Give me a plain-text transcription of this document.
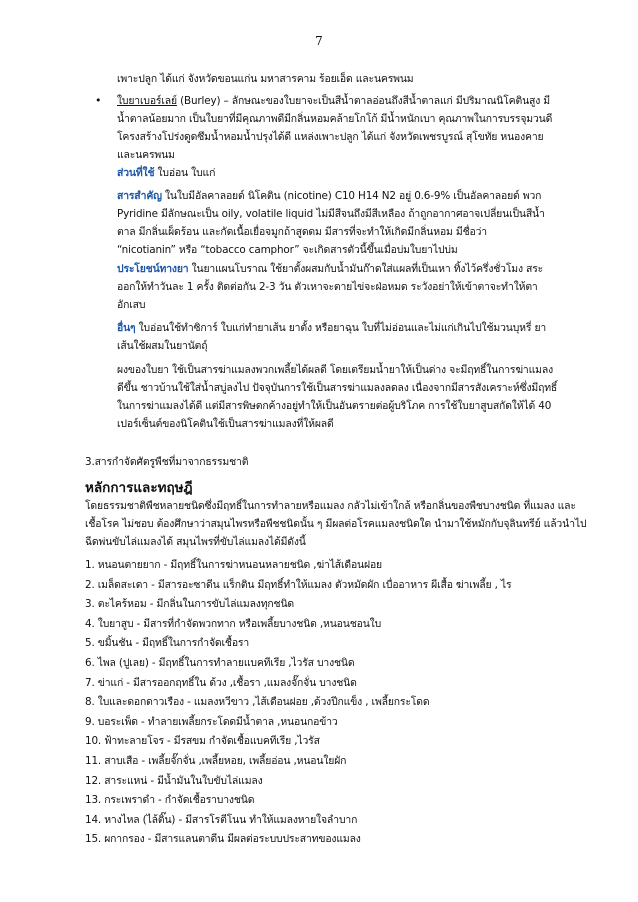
7
เพาะปลูก ได้แก่ จังหวัดขอนแก่น มหาสารคาม ร้อยเอ็ด และนครพนม
• ใบยาเบอร์เลย์ (Burley) – ลักษณะของใบยาจะเป็นสีน้ำตาลอ่อนถึงสีน้ำตาลแก่ มีปริมาณนิโคตินสูง มี
น้ำตาลน้อยมาก เป็นใบยาที่มีคุณภาพดีมีกลิ่นหอมคล้ายโกโก้ มีน้ำหนักเบา คุณภาพในการบรรจุมวนดี
โครงสร้างโปร่งดูดซึมน้ำหอมน้ำปรุงได้ดี แหล่งเพาะปลูก ได้แก่ จังหวัดเพชรบูรณ์ สุโขทัย หนองคาย
และนครพนม
ส่วนที่ใช้ ใบอ่อน ใบแก่
สารสำคัญ ในใบมีอัลคาลอยด์ นิโคติน (nicotine) C10 H14 N2 อยู่ 0.6-9% เป็นอัลคาลอยด์ พวก
Pyridine มีลักษณะเป็น oily, volatile liquid ไม่มีสีจนถึงมีสีเหลือง ถ้าถูกอากาศอาจเปลี่ยนเป็นสีน้ำ
ตาล มีกลิ่นเผ็ดร้อน และกัดเนื้อเยื่อจมูกถ้าสูดดม มีสารที่จะทำให้เกิดมีกลิ่นหอม มีชื่อว่า
“nicotianin” หรือ “tobacco camphor” จะเกิดสารตัวนี้ขึ้นเมื่อบ่มใบยาไปบ่ม
ประโยชน์ทางยา ในยาแผนโบราณ ใช้ยาตั้งผสมกับน้ำมันก๊าดใส่แผลที่เป็นเหา ทิ้งไว้ครึ่งชั่วโมง สระ
ออกให้ทำวันละ 1 ครั้ง ติดต่อกัน 2-3 วัน ตัวเหาจะตายไข่จะฝ่อหมด ระวังอย่าให้เข้าตาจะทำให้ตา
อักเสบ
อื่นๆ ใบอ่อนใช้ทำซิการ์ ใบแก่ทำยาเส้น ยาตั้ง หรือยาฉุน ใบที่ไม่อ่อนและไม่แก่เกินไปใช้มวนบุหรี่ ยา
เส้นใช้ผสมในยานัตถุ์
ผงของใบยา ใช้เป็นสารฆ่าแมลงพวกเพลี้ยได้ผลดี โดยเตรียมน้ำยาให้เป็นด่าง จะมีฤทธิ์ในการฆ่าแมลง
ดีขึ้น ชาวบ้านใช้ใส่น้ำสบู่ลงไป ปัจจุบันการใช้เป็นสารฆ่าแมลงลดลง เนื่องจากมีสารสังเคราะห์ซึ่งมีฤทธิ์
ในการฆ่าแมลงได้ดี แต่มีสารพิษตกค้างอยู่ทำให้เป็นอันตรายต่อผู้บริโภค การใช้ใบยาสูบสกัดให้ได้ 40
เปอร์เซ็นต์ของนิโคตินใช้เป็นสารฆ่าแมลงที่ให้ผลดี
3.สารกำจัดศัตรูพืชที่มาจากธรรมชาติ
หลักการและทฤษฎี
โดยธรรมชาติพืชหลายชนิดซึ่งมีฤทธิ์ในการทำลายหรือแมลง กลัวไม่เข้าใกล้ หรือกลิ่นของพืชบางชนิด ที่แมลง และ
เชื้อโรค ไม่ชอบ ต้องศึกษาว่าสมุนไพรหรือพืชชนิดนั้น ๆ มีผลต่อโรคแมลงชนิดใด นำมาใช้หมักกับจุลินทรีย์ แล้วนำไป
ฉีดพ่นขับไล่แมลงได้ สมุนไพรที่ขับไล่แมลงได้มีดังนี้
1. หนอนตายยาก - มีฤทธิ์ในการฆ่าหนอนหลายชนิด ,ฆ่าไส้เดือนฝอย
2. เมล็ดสะเดา - มีสารอะซาดีน แร็กติน มีฤทธิ์ทำให้แมลง ตัวหมัดผัก เบื่ออาหาร ผีเสื้อ ฆ่าเพลี้ย , ไร
3. ตะไคร้หอม - มีกลิ่นในการขับไล่แมลงทุกชนิด
4. ใบยาสูบ - มีสารที่กำจัดพวกทาก หรือเพลี้ยบางชนิด ,หนอนชอนใบ
5. ขมิ้นชัน - มีฤทธิ์ในการกำจัดเชื้อรา
6. ไพล (ปูเลย) - มีฤทธิ์ในการทำลายแบคทีเรีย ,ไวรัส บางชนิด
7. ข่าแก่ - มีสารออกฤทธิ์ใน ด้วง ,เชื้อรา ,แมลงจั๊กจั่น บางชนิด
8. ใบและดอกดาวเรือง - แมลงหวีขาว ,ไส้เดือนฝอย ,ด้วงปีกแข็ง , เพลี้ยกระโดด
9. บอระเพ็ด - ทำลายเพลี้ยกระโดดมีน้ำตาล ,หนอนกอข้าว
10. ฟ้าทะลายโจร - มีรสขม กำจัดเชื้อแบคทีเรีย ,ไวรัส
11. สาบเสือ - เพลี้ยจั๊กจั่น ,เพลี้ยหอย, เพลี้ยอ่อน ,หนอนใยผัก
12. สาระแหน่ - มีน้ำมันในใบขับไล่แมลง
13. กระเพราดำ - กำจัดเชื้อราบางชนิด
14. หางไหล (ไล้ติ๊น) - มีสารโรตีโนน ทำให้แมลงหายใจลำบาก
15. ผกากรอง - มีสารแลนตาดีน มีผลต่อระบบประสาทของแมลง
